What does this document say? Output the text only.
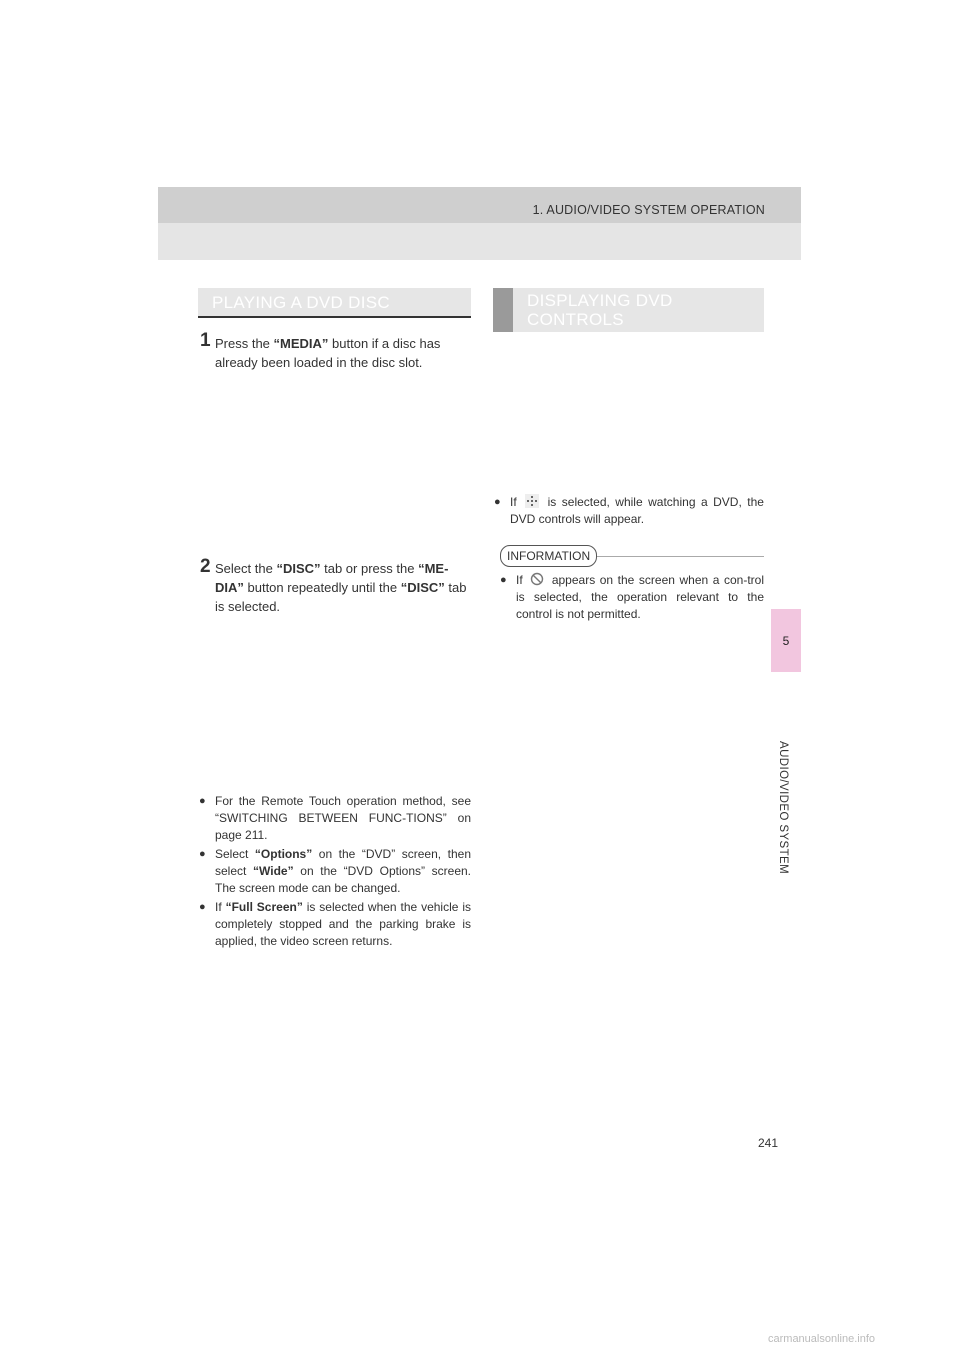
1. AUDIO/VIDEO SYSTEM OPERATION
5
AUDIO/VIDEO SYSTEM
PLAYING A DVD DISC
1 Press the “MEDIA” button if a disc has already been loaded in the disc slot.
2 Select the “DISC” tab or press the “ME-DIA” button repeatedly until the “DISC” tab is selected.
● For the Remote Touch operation method, see “SWITCHING BETWEEN FUNC-TIONS” on page 211.
● Select “Options” on the “DVD” screen, then select “Wide” on the “DVD Options” screen. The screen mode can be changed.
● If “Full Screen” is selected when the vehicle is completely stopped and the parking brake is applied, the video screen returns.
DISPLAYING DVD
CONTROLS
● If	is selected, while watching a DVD, the DVD controls will appear.
INFORMATION
● If appears on the screen when a con-trol is selected, the operation relevant to the control is not permitted.
241
carmanualsonline.info
